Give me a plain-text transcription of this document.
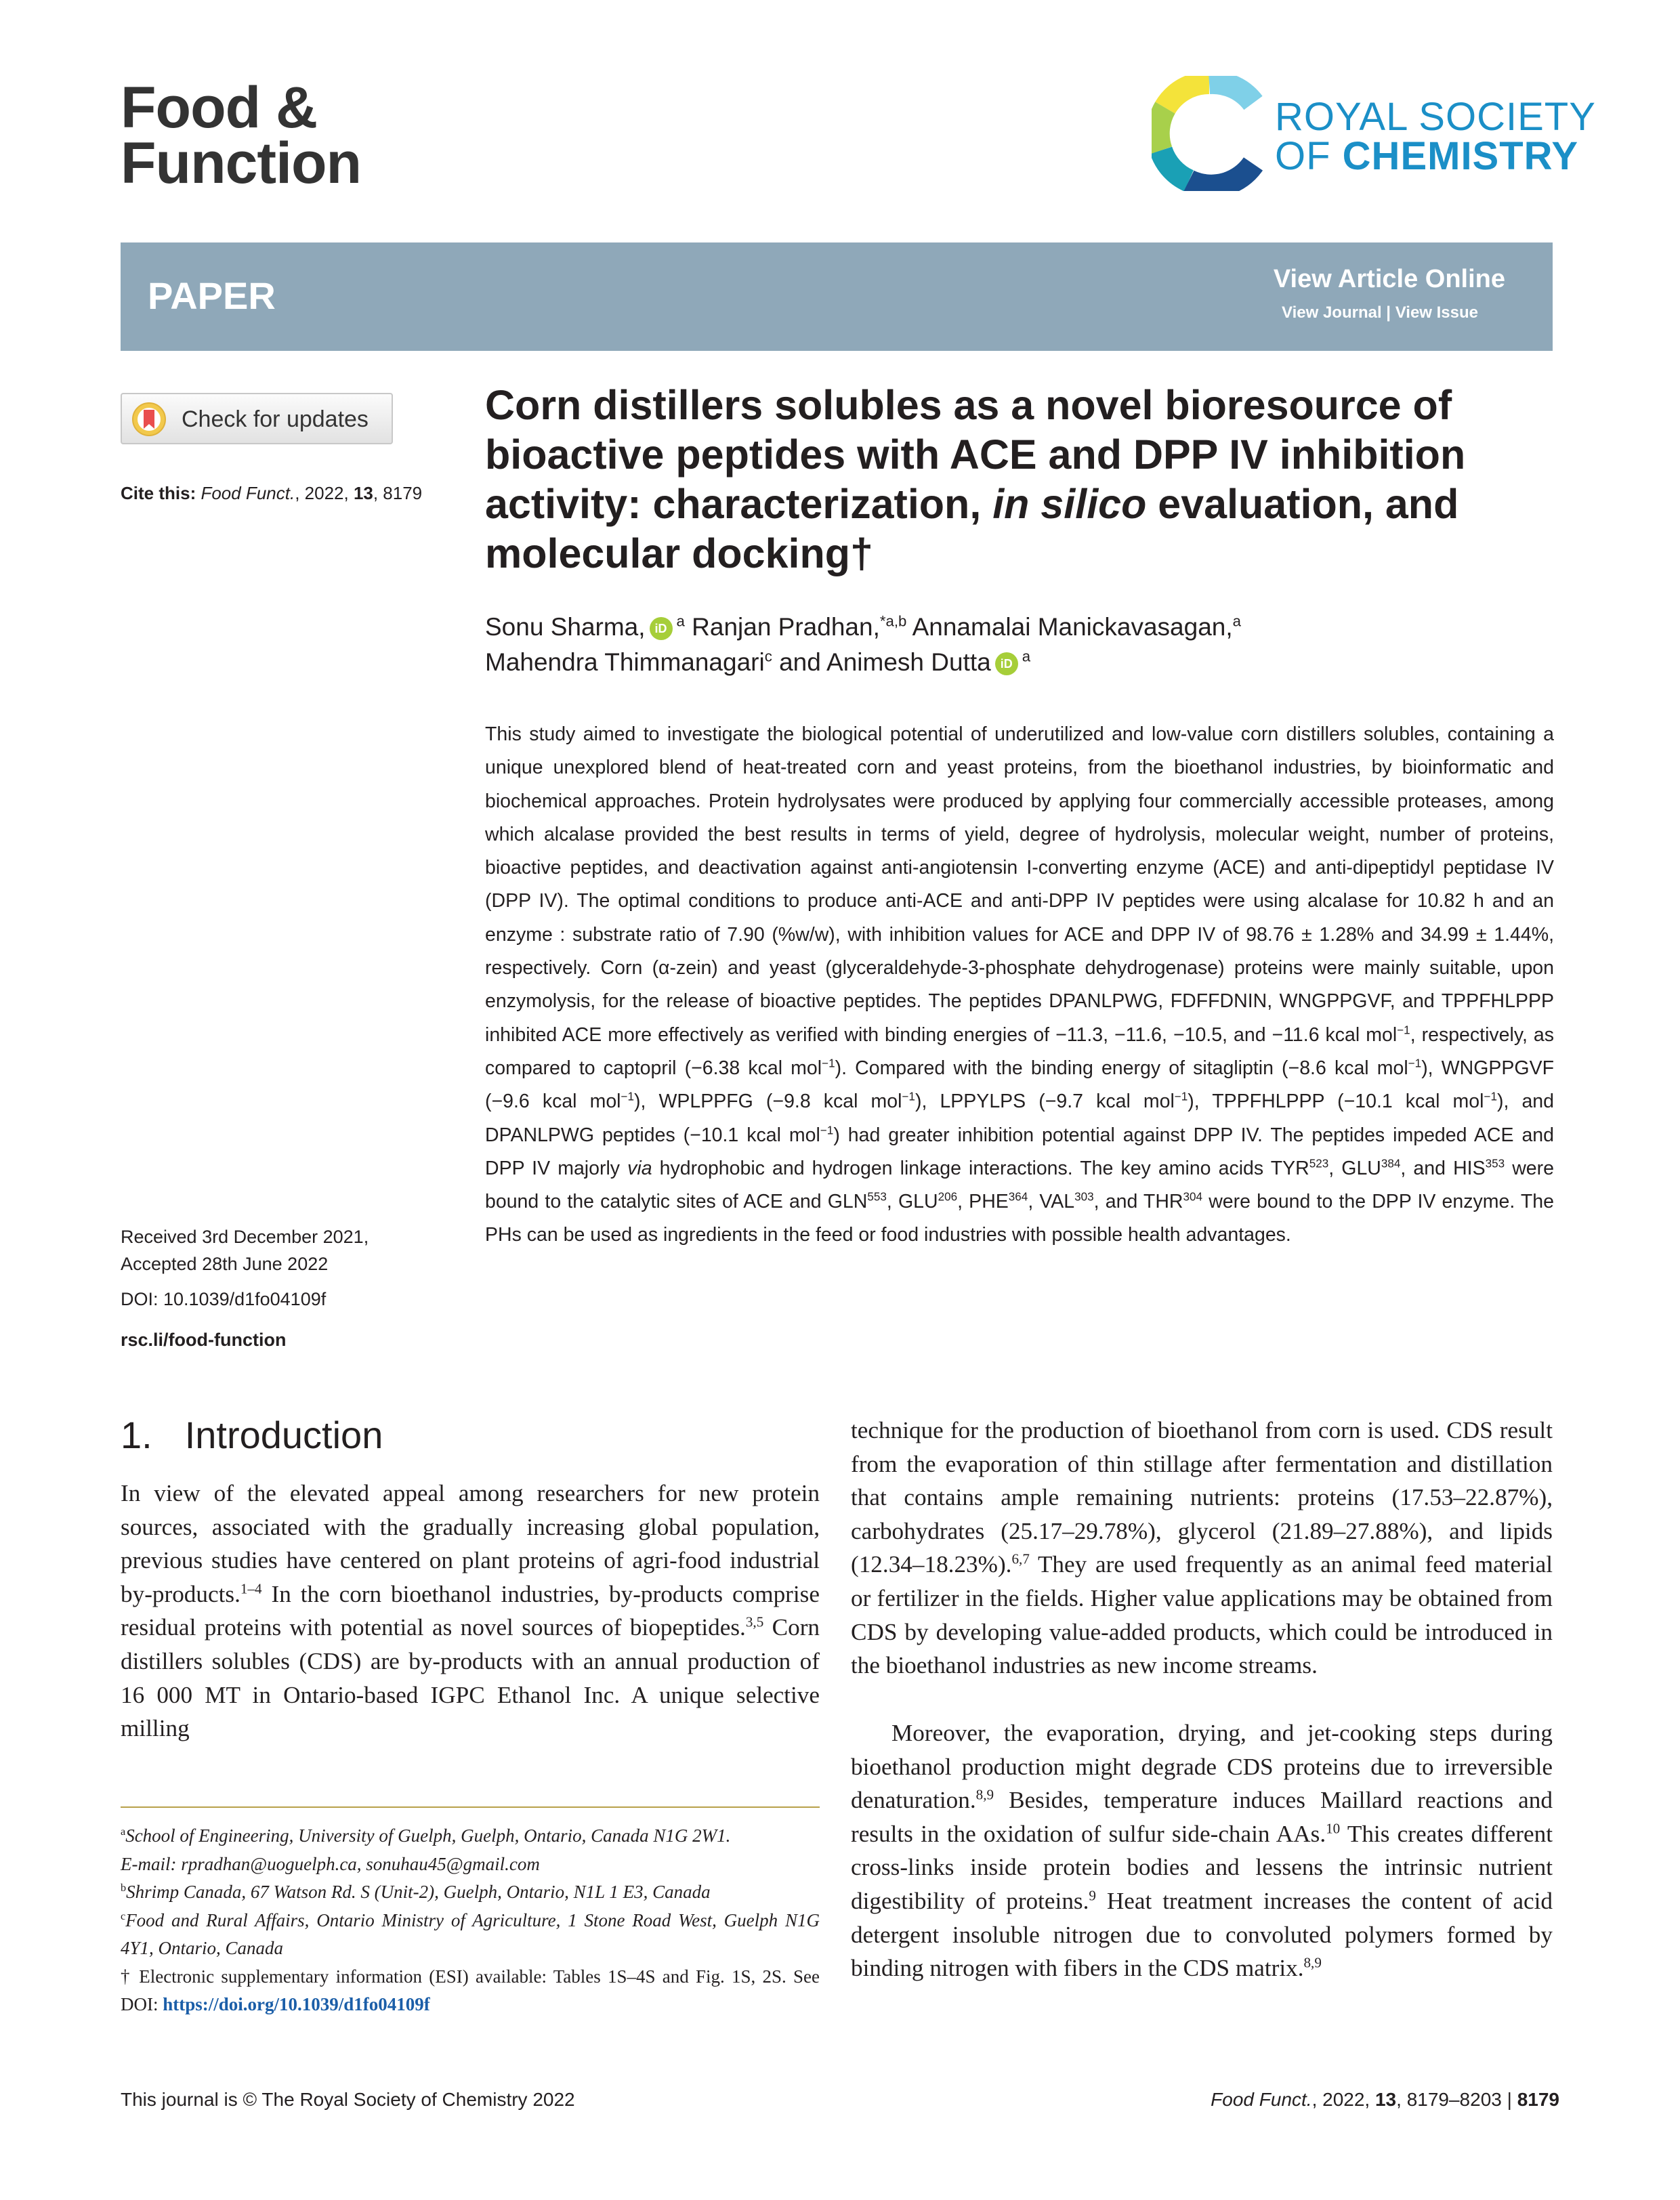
Food &
Function
ROYAL SOCIETY
OF CHEMISTRY
PAPER	View Article Online
View Journal | View Issue
Check for updates
Cite this: Food Funct., 2022, 13, 8179
Corn distillers solubles as a novel bioresource of bioactive peptides with ACE and DPP IV inhibition activity: characterization, in silico evaluation, and molecular docking†
Sonu Sharma, iD $^a$ Ranjan Pradhan,$^{*a,b}$ Annamalai Manickavasagan,$^a$
Mahendra Thimmanagari$^c$ and Animesh Dutta iD $^a$
This study aimed to investigate the biological potential of underutilized and low-value corn distillers solubles, containing a unique unexplored blend of heat-treated corn and yeast proteins, from the bioethanol industries, by bioinformatic and biochemical approaches. Protein hydrolysates were produced by applying four commercially accessible proteases, among which alcalase provided the best results in terms of yield, degree of hydrolysis, molecular weight, number of proteins, bioactive peptides, and deactivation against anti-angiotensin I-converting enzyme (ACE) and anti-dipeptidyl peptidase IV (DPP IV). The optimal conditions to produce anti-ACE and anti-DPP IV peptides were using alcalase for 10.82 h and an enzyme : substrate ratio of 7.90 (%w/w), with inhibition values for ACE and DPP IV of 98.76 ± 1.28% and 34.99 ± 1.44%, respectively. Corn (α-zein) and yeast (glyceraldehyde-3-phosphate dehydrogenase) proteins were mainly suitable, upon enzymolysis, for the release of bioactive peptides. The peptides DPANLPWG, FDFFDNIN, WNGPPGVF, and TPPFHLPPP inhibited ACE more effectively as verified with binding energies of −11.3, −11.6, −10.5, and −11.6 kcal mol$^{-1}$, respectively, as compared to captopril (−6.38 kcal mol$^{-1}$). Compared with the binding energy of sitagliptin (−8.6 kcal mol$^{-1}$), WNGPPGVF (−9.6 kcal mol$^{-1}$), WPLPPFG (−9.8 kcal mol$^{-1}$), LPPYLPS (−9.7 kcal mol$^{-1}$), TPPFHLPPP (−10.1 kcal mol$^{-1}$), and DPANLPWG peptides (−10.1 kcal mol$^{-1}$) had greater inhibition potential against DPP IV. The peptides impeded ACE and DPP IV majorly via hydrophobic and hydrogen linkage interactions. The key amino acids TYR$^{523}$, GLU$^{384}$, and HIS$^{353}$ were bound to the catalytic sites of ACE and GLN$^{553}$, GLU$^{206}$, PHE$^{364}$, VAL$^{303}$, and THR$^{304}$ were bound to the DPP IV enzyme. The PHs can be used as ingredients in the feed or food industries with possible health advantages.
Received 3rd December 2021,
Accepted 28th June 2022
DOI: 10.1039/d1fo04109f
rsc.li/food-function
1. Introduction
In view of the elevated appeal among researchers for new protein sources, associated with the gradually increasing global population, previous studies have centered on plant proteins of agri-food industrial by-products.$^{1-4}$ In the corn bioethanol industries, by-products comprise residual proteins with potential as novel sources of biopeptides.$^{3,5}$ Corn distillers solubles (CDS) are by-products with an annual production of 16 000 MT in Ontario-based IGPC Ethanol Inc. A unique selective milling
technique for the production of bioethanol from corn is used. CDS result from the evaporation of thin stillage after fermentation and distillation that contains ample remaining nutrients: proteins (17.53–22.87%), carbohydrates (25.17–29.78%), glycerol (21.89–27.88%), and lipids (12.34–18.23%).$^{6,7}$ They are used frequently as an animal feed material or fertilizer in the fields. Higher value applications may be obtained from CDS by developing value-added products, which could be introduced in the bioethanol industries as new income streams.
Moreover, the evaporation, drying, and jet-cooking steps during bioethanol production might degrade CDS proteins due to irreversible denaturation.$^{8,9}$ Besides, temperature induces Maillard reactions and results in the oxidation of sulfur side-chain AAs.$^{10}$ This creates different cross-links inside protein bodies and lessens the intrinsic nutrient digestibility of proteins.$^9$ Heat treatment increases the content of acid detergent insoluble nitrogen due to convoluted polymers formed by binding nitrogen with fibers in the CDS matrix.$^{8,9}$
$^a$School of Engineering, University of Guelph, Guelph, Ontario, Canada N1G 2W1.
E-mail: rpradhan@uoguelph.ca, sonuhau45@gmail.com
$^b$Shrimp Canada, 67 Watson Rd. S (Unit-2), Guelph, Ontario, N1L 1 E3, Canada
$^c$Food and Rural Affairs, Ontario Ministry of Agriculture, 1 Stone Road West, Guelph N1G 4Y1, Ontario, Canada
† Electronic supplementary information (ESI) available: Tables 1S–4S and Fig. 1S, 2S. See DOI: https://doi.org/10.1039/d1fo04109f
This journal is © The Royal Society of Chemistry 2022	Food Funct., 2022, 13, 8179–8203 | 8179
